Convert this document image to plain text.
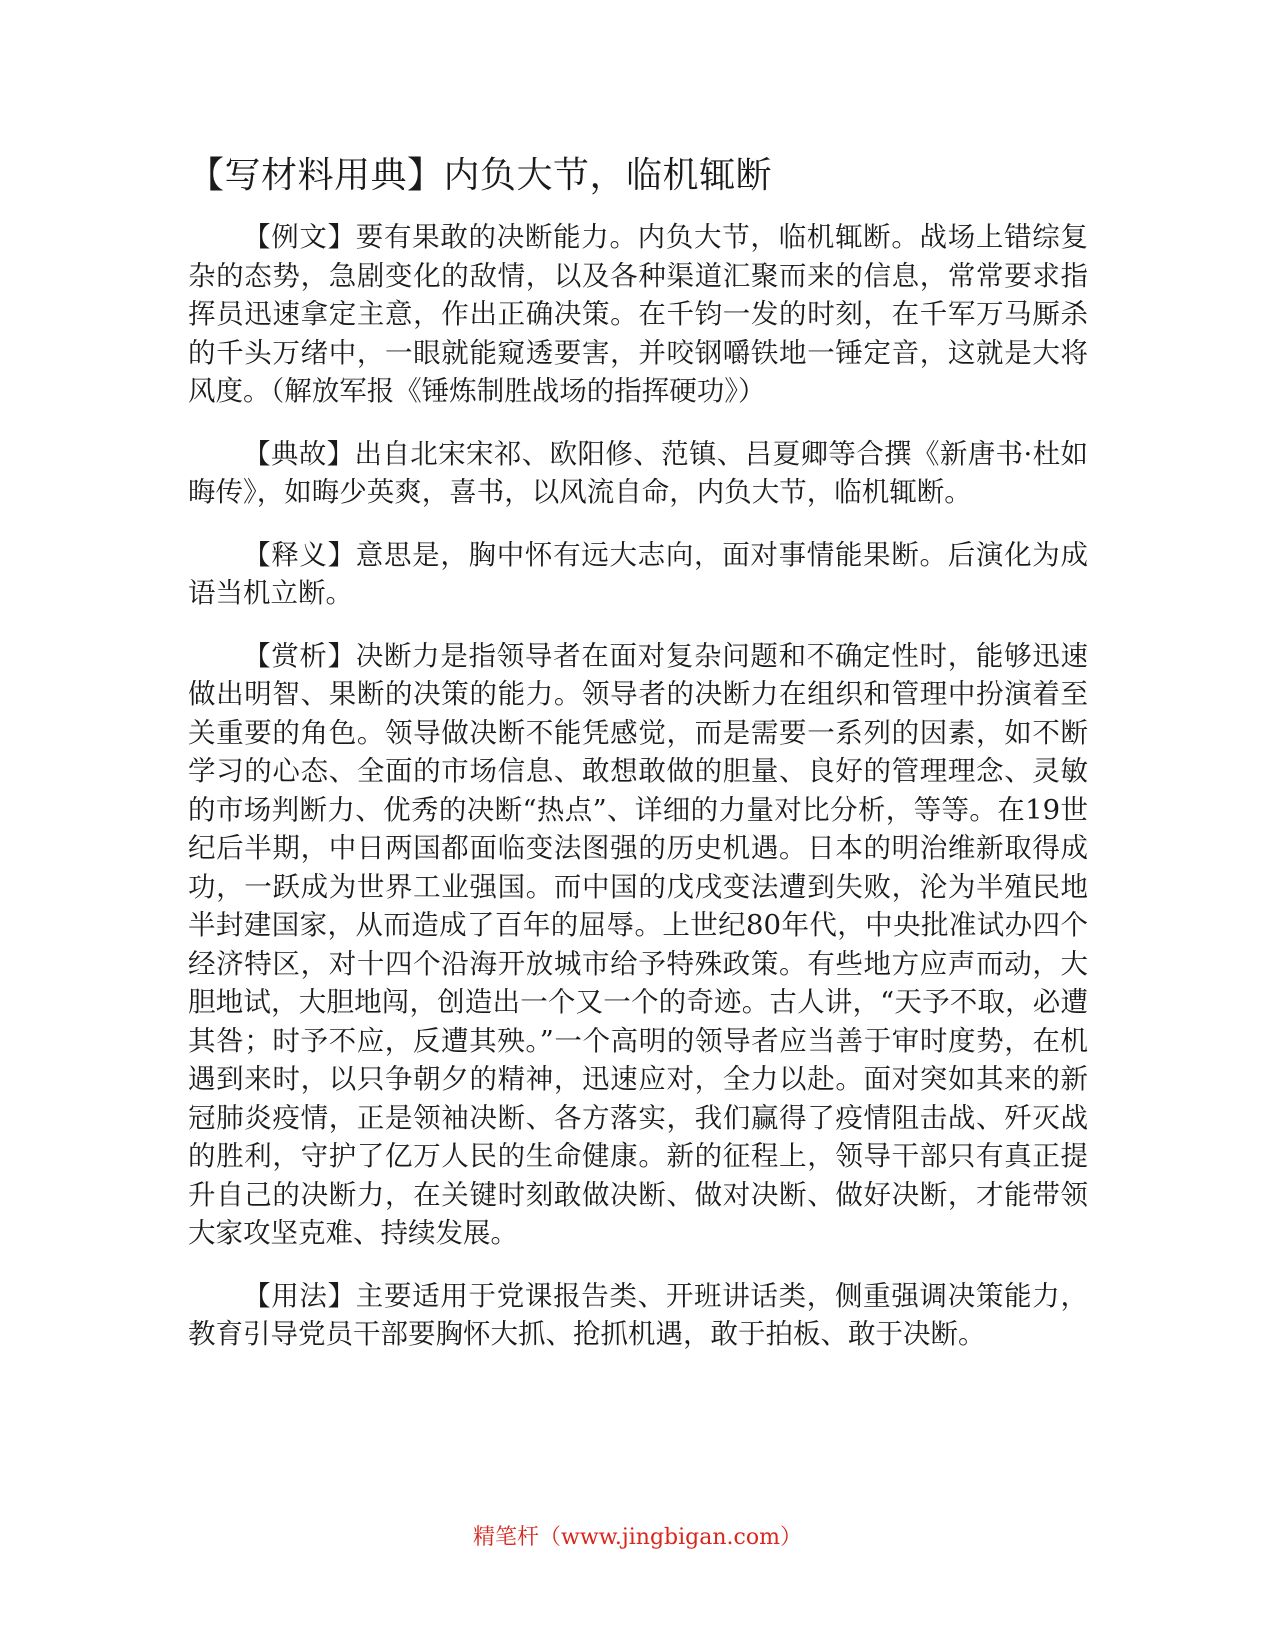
【写材料用典】内负大节，临机辄断

【例文】要有果敢的决断能力。内负大节，临机辄断。战场上错综复杂的态势，急剧变化的敌情，以及各种渠道汇聚而来的信息，常常要求指挥员迅速拿定主意，作出正确决策。在千钧一发的时刻，在千军万马厮杀的千头万绪中，一眼就能窥透要害，并咬钢嚼铁地一锤定音，这就是大将风度。（解放军报《锤炼制胜战场的指挥硬功》）

【典故】出自北宋宋祁、欧阳修、范镇、吕夏卿等合撰《新唐书·杜如晦传》，如晦少英爽，喜书，以风流自命，内负大节，临机辄断。

【释义】意思是，胸中怀有远大志向，面对事情能果断。后演化为成语当机立断。

【赏析】决断力是指领导者在面对复杂问题和不确定性时，能够迅速做出明智、果断的决策的能力。领导者的决断力在组织和管理中扮演着至关重要的角色。领导做决断不能凭感觉，而是需要一系列的因素，如不断学习的心态、全面的市场信息、敢想敢做的胆量、良好的管理理念、灵敏的市场判断力、优秀的决断“热点”、详细的力量对比分析，等等。在19世纪后半期，中日两国都面临变法图强的历史机遇。日本的明治维新取得成功，一跃成为世界工业强国。而中国的戊戌变法遭到失败，沦为半殖民地半封建国家，从而造成了百年的屈辱。上世纪80年代，中央批准试办四个经济特区，对十四个沿海开放城市给予特殊政策。有些地方应声而动，大胆地试，大胆地闯，创造出一个又一个的奇迹。古人讲，“天予不取，必遭其咎；时予不应，反遭其殃。”一个高明的领导者应当善于审时度势，在机遇到来时，以只争朝夕的精神，迅速应对，全力以赴。面对突如其来的新冠肺炎疫情，正是领袖决断、各方落实，我们赢得了疫情阻击战、歼灭战的胜利，守护了亿万人民的生命健康。新的征程上，领导干部只有真正提升自己的决断力，在关键时刻敢做决断、做对决断、做好决断，才能带领大家攻坚克难、持续发展。

【用法】主要适用于党课报告类、开班讲话类，侧重强调决策能力，教育引导党员干部要胸怀大抓、抢抓机遇，敢于拍板、敢于决断。

精笔杆（www.jingbigan.com）
